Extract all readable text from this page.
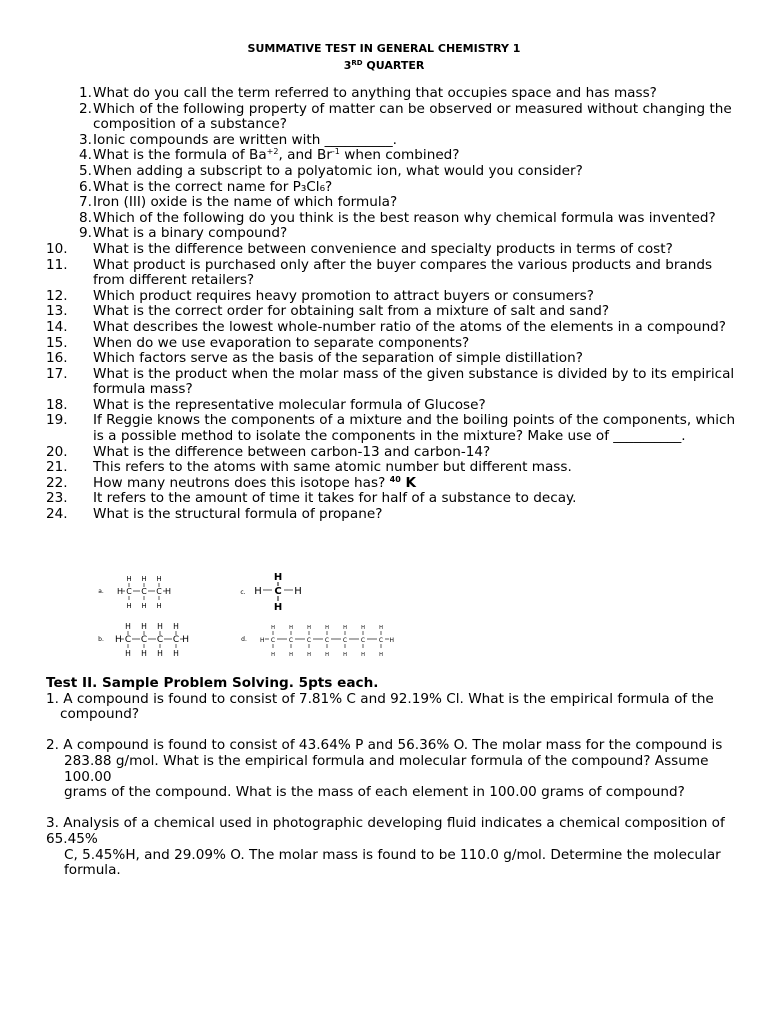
SUMMATIVE TEST IN GENERAL CHEMISTRY 1
3RD QUARTER
1. What do you call the term referred to anything that occupies space and has mass?
2. Which of the following property of matter can be observed or measured without changing the composition of a substance?
3. Ionic compounds are written with __________.
4. What is the formula of $Ba^{+2}$, and $Br^{-1}$ when combined?
5. When adding a subscript to a polyatomic ion, what would you consider?
6. What is the correct name for P₃Cl₆?
7. Iron (III) oxide is the name of which formula?
8. Which of the following do you think is the best reason why chemical formula was invented?
9. What is a binary compound?
10.	What is the difference between convenience and specialty products in terms of cost?
11.	What product is purchased only after the buyer compares the various products and brands from different retailers?
12.	Which product requires heavy promotion to attract buyers or consumers?
13.	What is the correct order for obtaining salt from a mixture of salt and sand?
14.	What describes the lowest whole-number ratio of the atoms of the elements in a compound?
15.	When do we use evaporation to separate components?
16.	Which factors serve as the basis of the separation of simple distillation?
17.	What is the product when the molar mass of the given substance is divided by to its empirical formula mass?
18.	What is the representative molecular formula of Glucose?
19.	If Reggie knows the components of a mixture and the boiling points of the components, which is a possible method to isolate the components in the mixture? Make use of __________.
20.	What is the difference between carbon-13 and carbon-14?
21.	This refers to the atoms with same atomic number but different mass.
22.	How many neutrons does this isotope has? $^{40}$ K
23.	It refers to the amount of time it takes for half of a substance to decay.
24.	What is the structural formula of propane?
a. H C
H
H
C
H
H
C
H
H
H
b. H C
H
H
C
H
H
C
H
H
C
H
H
H
c.	C
H
H
H	H
d. H C
H
H
C
H
H
C
H
H
C
H
H
C
H
H
C
H
H
C
H
H
H

Test II. Sample Problem Solving. 5pts each.

1. A compound is found to consist of 7.81% C and 92.19% Cl. What is the empirical formula of the

compound?

2. A compound is found to consist of 43.64% P and 56.36% O. The molar mass for the compound is

283.88 g/mol. What is the empirical formula and molecular formula of the compound? Assume 100.00

grams of the compound. What is the mass of each element in 100.00 grams of compound?

3. Analysis of a chemical used in photographic developing fluid indicates a chemical composition of 65.45%

C, 5.45%H, and 29.09% O. The molar mass is found to be 110.0 g/mol. Determine the molecular

formula.
